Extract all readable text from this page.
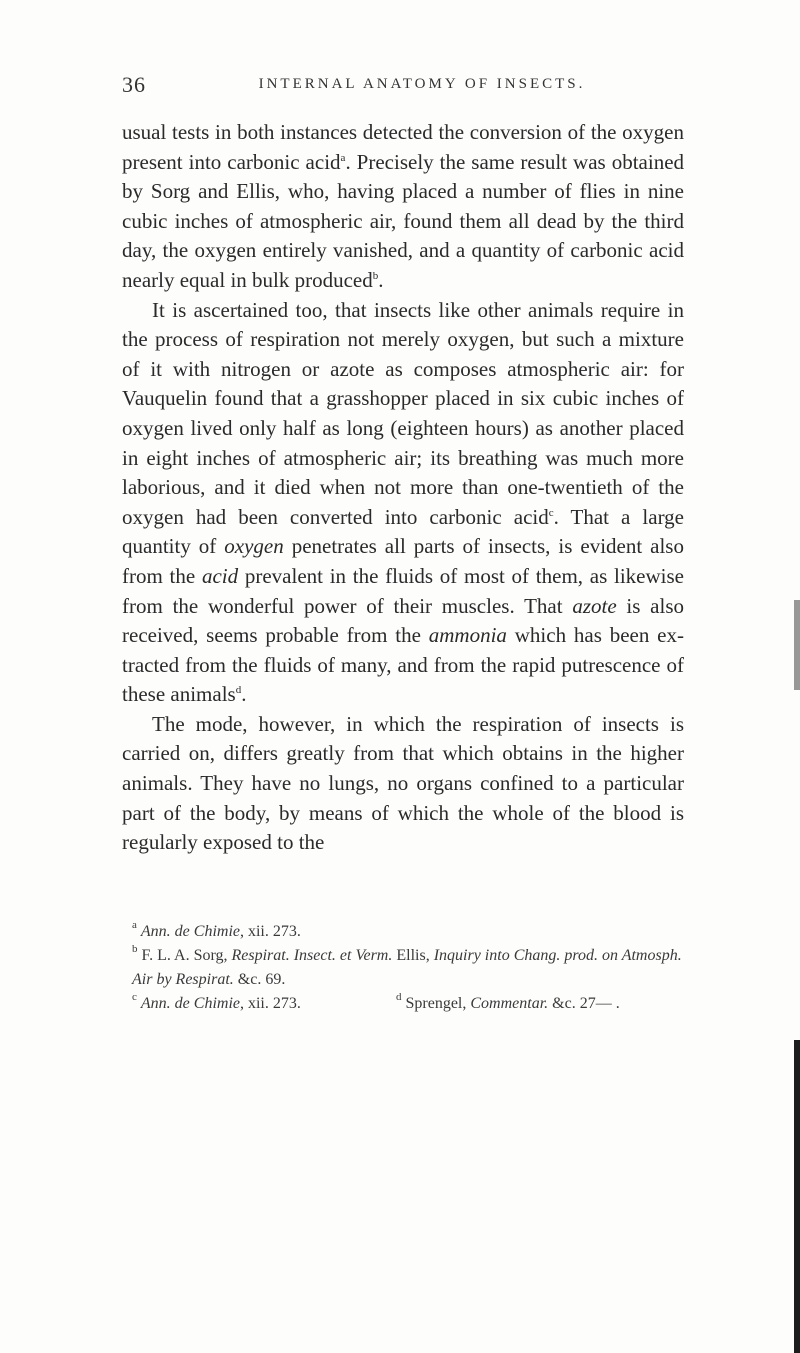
36	INTERNAL ANATOMY OF INSECTS.

usual tests in both instances detected the conversion of the oxygen present into carbonic acid$^a$. Precisely the same result was obtained by Sorg and Ellis, who, having placed a number of flies in nine cubic inches of atmospheric air, found them all dead by the third day, the oxygen entirely vanished, and a quantity of carbonic acid nearly equal in bulk produced$^b$.

It is ascertained too, that insects like other animals require in the process of respiration not merely oxygen, but such a mixture of it with nitrogen or azote as composes atmospheric air: for Vauquelin found that a grasshopper placed in six cubic inches of oxygen lived only half as long (eighteen hours) as another placed in eight inches of atmospheric air; its breathing was much more laborious, and it died when not more than one-twentieth of the oxygen had been converted into carbonic acid$^c$. That a large quantity of oxygen penetrates all parts of insects, is evident also from the acid prevalent in the fluids of most of them, as likewise from the wonderful power of their muscles. That azote is also received, seems probable from the ammonia which has been extracted from the fluids of many, and from the rapid putrescence of these animals$^d$.

The mode, however, in which the respiration of insects is carried on, differs greatly from that which obtains in the higher animals. They have no lungs, no organs confined to a particular part of the body, by means of which the whole of the blood is regularly exposed to the

$^a$ Ann. de Chimie, xii. 273.

$^b$ F. L. A. Sorg, Respirat. Insect. et Verm. Ellis, Inquiry into Chang. prod. on Atmosph. Air by Respirat. &c. 69.

$^c$ Ann. de Chimie, xii. 273.	$^d$ Sprengel, Commentar. &c. 27— .
